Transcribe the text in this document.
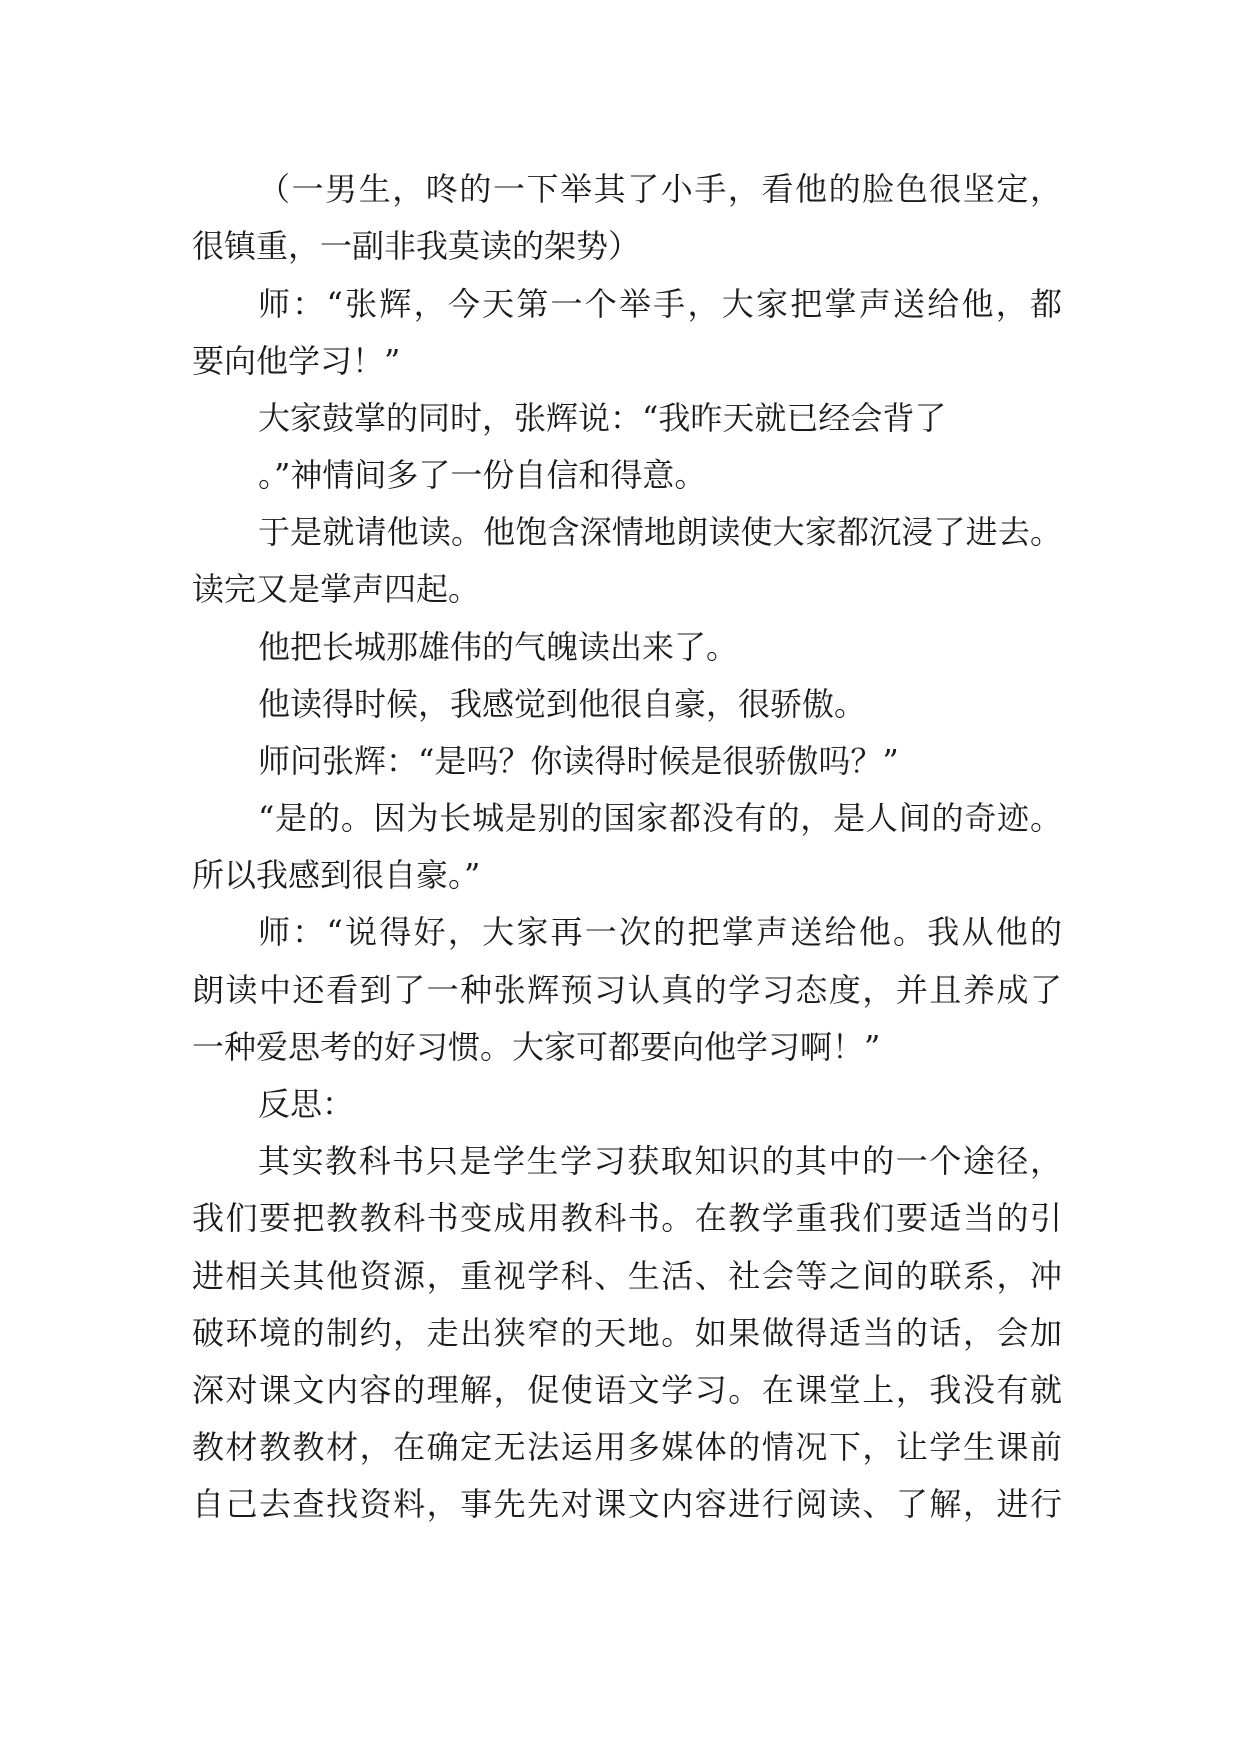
（一男生，咚的一下举其了小手，看他的脸色很坚定，
很镇重，一副非我莫读的架势）
师：“张辉，今天第一个举手，大家把掌声送给他，都
要向他学习！”
大家鼓掌的同时，张辉说：“我昨天就已经会背了
。”神情间多了一份自信和得意。
于是就请他读。他饱含深情地朗读使大家都沉浸了进去。
读完又是掌声四起。
他把长城那雄伟的气魄读出来了。
他读得时候，我感觉到他很自豪，很骄傲。
师问张辉：“是吗？你读得时候是很骄傲吗？”
“是的。因为长城是别的国家都没有的，是人间的奇迹。
所以我感到很自豪。”
师：“说得好，大家再一次的把掌声送给他。我从他的
朗读中还看到了一种张辉预习认真的学习态度，并且养成了
一种爱思考的好习惯。大家可都要向他学习啊！”
反思：
其实教科书只是学生学习获取知识的其中的一个途径，
我们要把教教科书变成用教科书。在教学重我们要适当的引
进相关其他资源，重视学科、生活、社会等之间的联系，冲
破环境的制约，走出狭窄的天地。如果做得适当的话，会加
深对课文内容的理解，促使语文学习。在课堂上，我没有就
教材教教材，在确定无法运用多媒体的情况下，让学生课前
自己去查找资料，事先先对课文内容进行阅读、了解，进行
